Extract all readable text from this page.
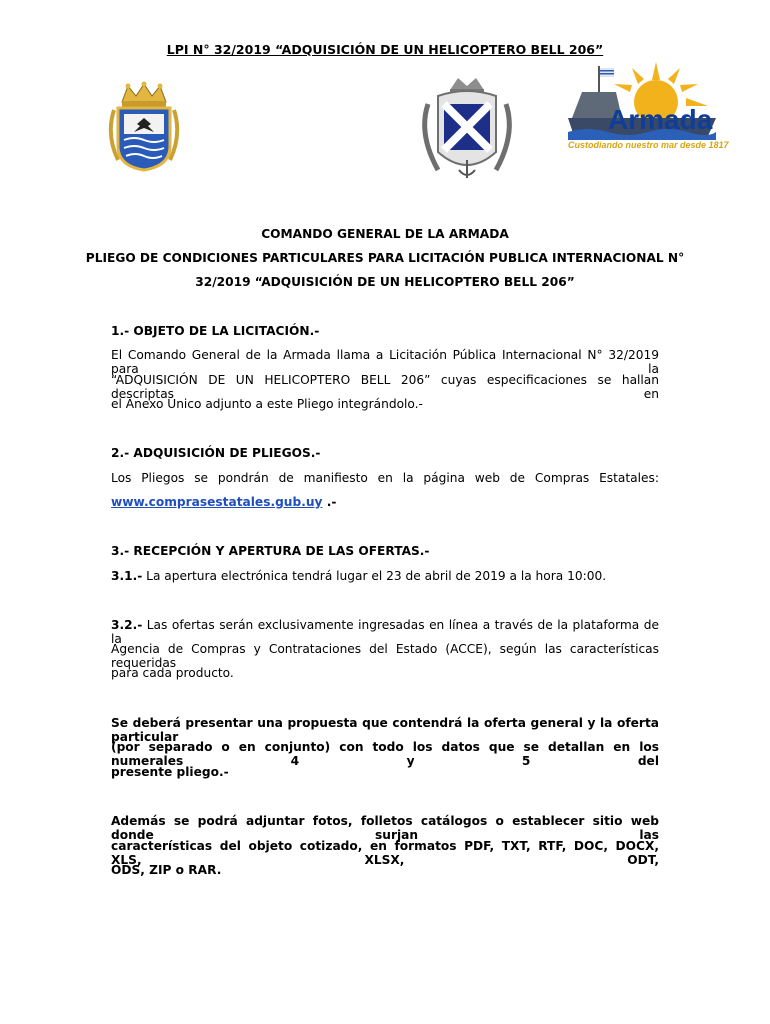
LPI N° 32/2019 “ADQUISICIÓN DE UN HELICOPTERO BELL 206”
Armada
Custodiando nuestro mar desde 1817
COMANDO GENERAL DE LA ARMADA
PLIEGO DE CONDICIONES PARTICULARES PARA LICITACIÓN PUBLICA INTERNACIONAL N°
32/2019 “ADQUISICIÓN DE UN HELICOPTERO BELL 206”
1.- OBJETO DE LA LICITACIÓN.-
El Comando General de la Armada llama a Licitación Pública Internacional N° 32/2019 para la
“ADQUISICIÓN DE UN HELICOPTERO BELL 206” cuyas especificaciones se hallan descriptas en
el Anexo Único adjunto a este Pliego integrándolo.-
2.- ADQUISICIÓN DE PLIEGOS.-
Los Pliegos se pondrán de manifiesto en la página web de Compras Estatales:
www.comprasestatales.gub.uy .-
3.- RECEPCIÓN Y APERTURA DE LAS OFERTAS.-
3.1.- La apertura electrónica tendrá lugar el 23 de abril de 2019 a la hora 10:00.
3.2.- Las ofertas serán exclusivamente ingresadas en línea a través de la plataforma de la
Agencia de Compras y Contrataciones del Estado (ACCE), según las características requeridas
para cada producto.
Se deberá presentar una propuesta que contendrá la oferta general y la oferta particular
(por separado o en conjunto) con todo los datos que se detallan en los numerales 4 y 5 del
presente pliego.-
Además se podrá adjuntar fotos, folletos catálogos o establecer sitio web donde surjan las
características del objeto cotizado, en formatos PDF, TXT, RTF, DOC, DOCX, XLS, XLSX, ODT,
ODS, ZIP o RAR.
